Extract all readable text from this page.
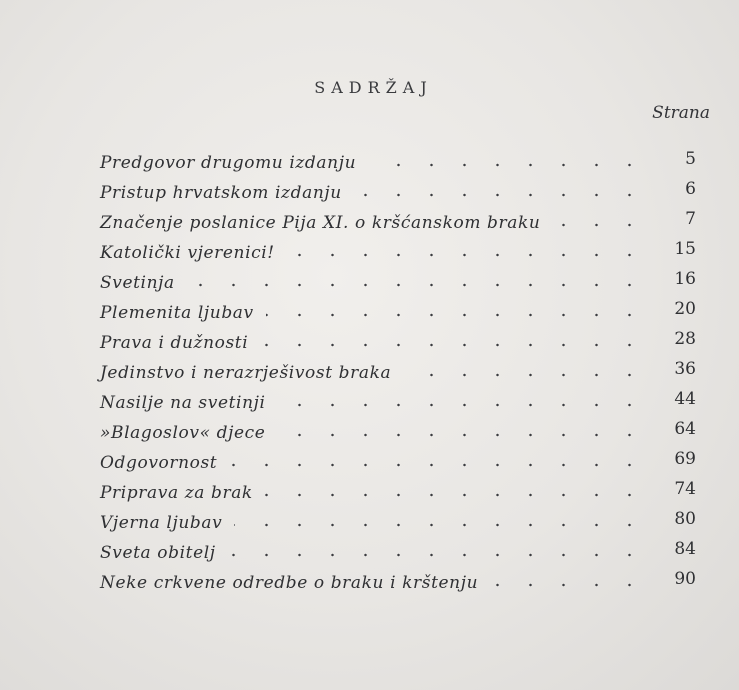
SADRŽAJ
Strana
Predgovor drugomu izdanju	5
Pristup hrvatskom izdanju	6
Značenje poslanice Pija XI. o kršćanskom braku	7
Katolički vjerenici!	15
Svetinja	16
Plemenita ljubav	20
Prava i dužnosti	28
Jedinstvo i nerazrješivost braka	36
Nasilje na svetinji	44
»Blagoslov« djece	64
Odgovornost	69
Priprava za brak	74
Vjerna ljubav	80
Sveta obitelj	84
Neke crkvene odredbe o braku i krštenju	90
